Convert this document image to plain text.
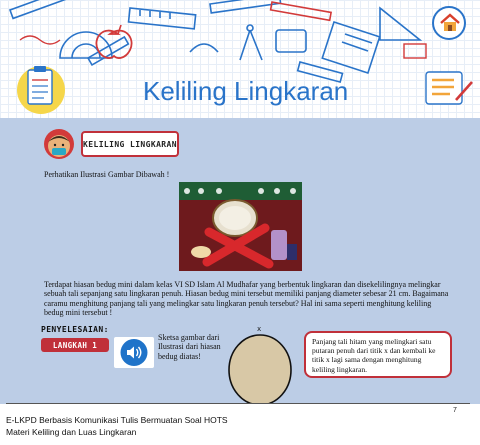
Keliling Lingkaran
KELILING LINGKARAN
Perhatikan Ilustrasi Gambar Dibawah !
Terdapat hiasan bedug mini dalam kelas VI SD Islam Al Mudhafar yang berbentuk lingkaran dan disekelilingnya melingkar sebuah tali sepanjang satu lingkaran penuh. Hiasan bedug mini tersebut memiliki panjang diameter sebesar 21 cm. Bagaimana caramu menghitung panjang tali yang melingkar satu lingkaran penuh tersebut? Hal ini sama seperti menghitung keliling bedug mini tersebut !
PENYELESAIAN:
LANGKAH 1
Sketsa gambar dari Ilustrasi dari hiasan bedug diatas!
x
Panjang tali hitam yang melingkari satu putaran penuh dari titik x dan kembali ke titik x lagi sama dengan menghitung keliling lingkaran.
7
E-LKPD Berbasis Komunikasi Tulis Bermuatan Soal HOTS
Materi Keliling dan Luas Lingkaran
